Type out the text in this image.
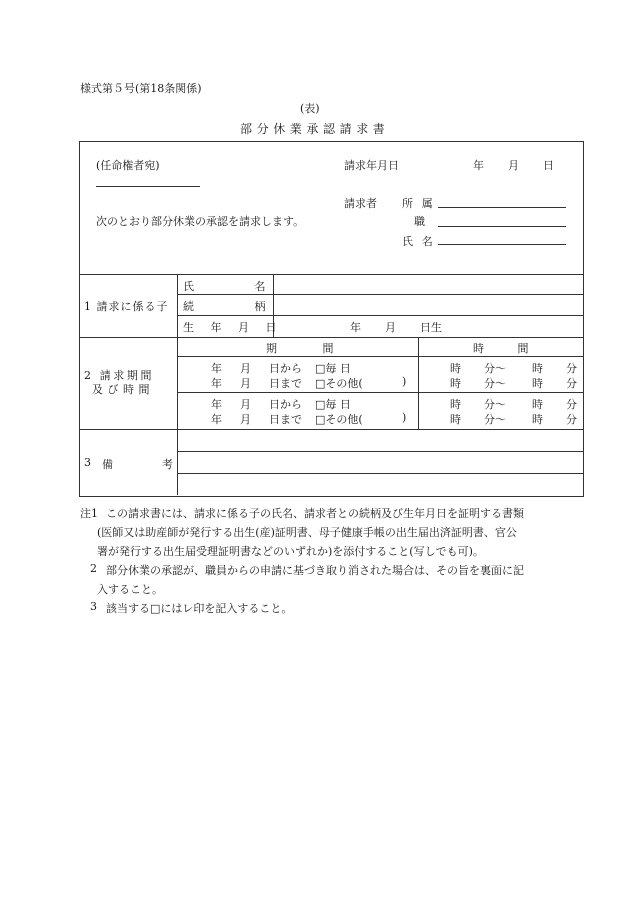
様式第５号(第18条関係)
(表)
部分休業承認請求書
(任命権者宛)
次のとおり部分休業の承認を請求します。
請求年月日	年 月 日
請求者 所 属
職
氏 名
1 請求に係る子
氏 名
続 柄
生 年 月 日	年 月 日生
2 請求期間
及び時間
期 間	時 間
年 月 日から □毎 日	時 分～ 時 分
年 月 日まで □その他(	)	時 分～ 時 分
年 月 日から □毎 日	時 分～ 時 分
年 月 日まで □その他(	)	時 分～ 時 分
3 備	考
注1 この請求書には、請求に係る子の氏名、請求者との続柄及び生年月日を証明する書類
(医師又は助産師が発行する出生(産)証明書、母子健康手帳の出生届出済証明書、官公
署が発行する出生届受理証明書などのいずれか)を添付すること(写しでも可)。
2 部分休業の承認が、職員からの申請に基づき取り消された場合は、その旨を裏面に記
入すること。
3 該当する□にはレ印を記入すること。
